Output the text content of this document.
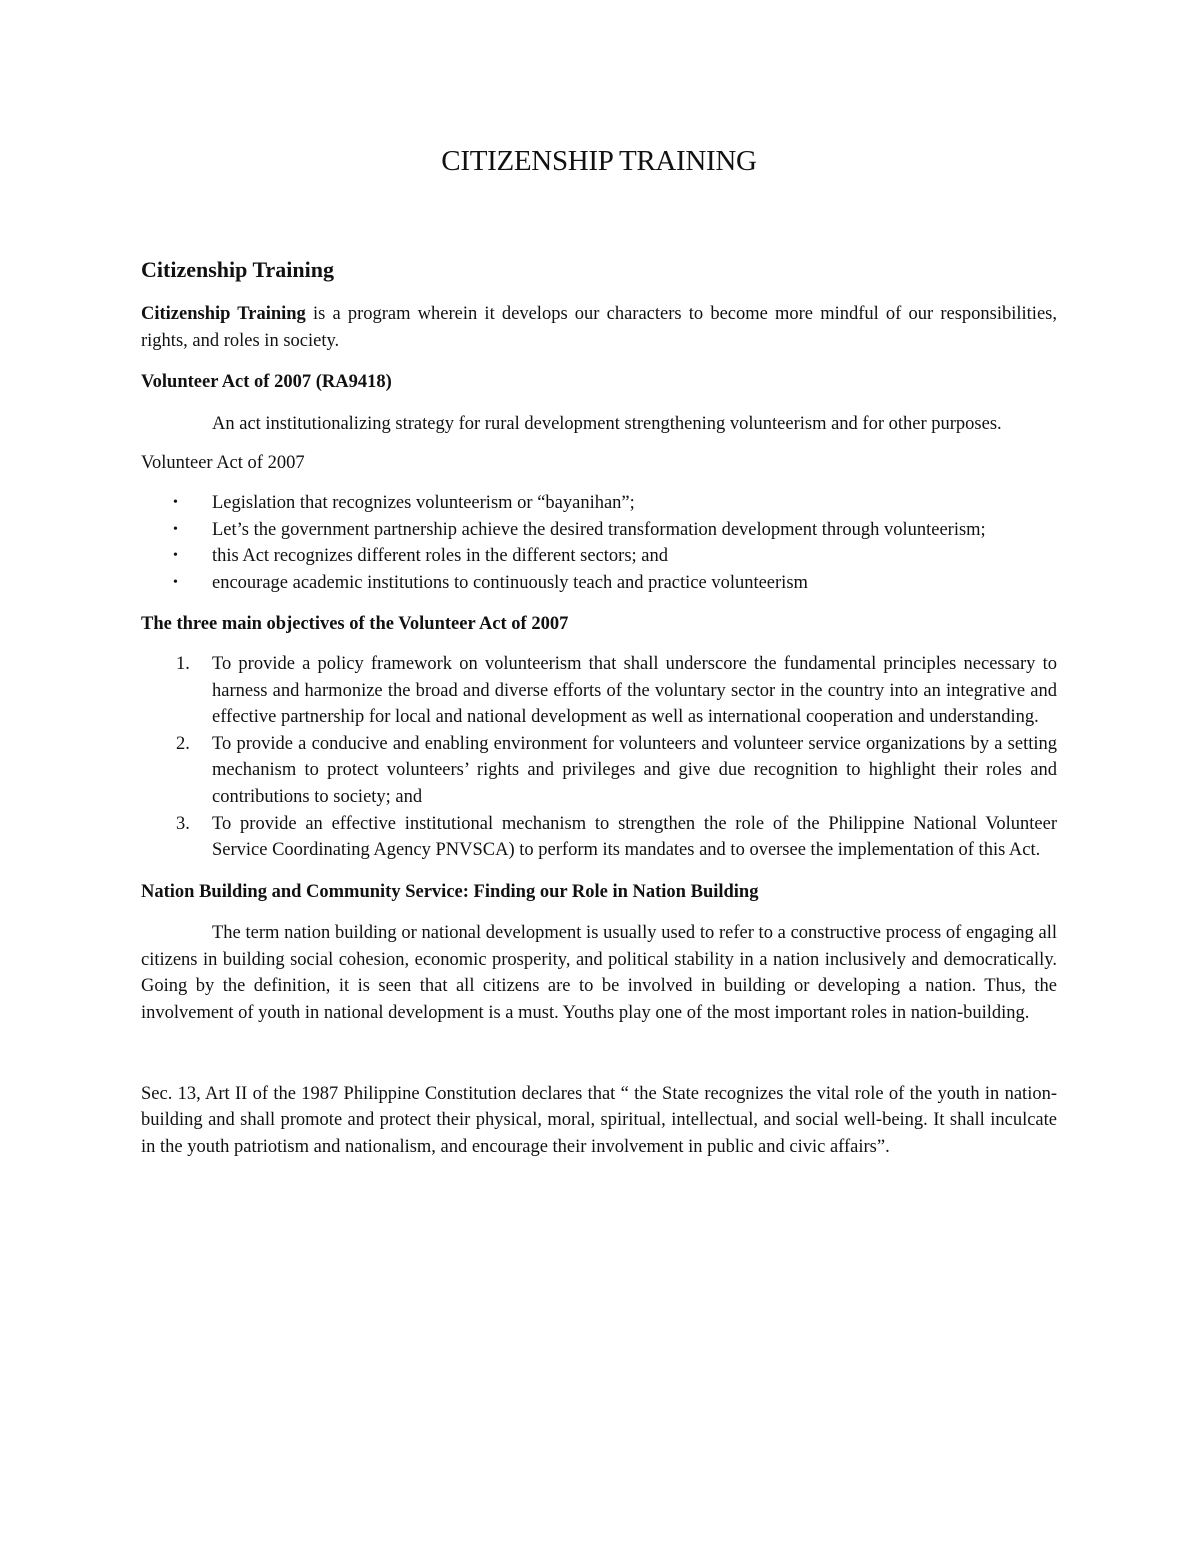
CITIZENSHIP TRAINING
Citizenship Training

Citizenship Training is a program wherein it develops our characters to become more mindful of our responsibilities, rights, and roles in society.

Volunteer Act of 2007 (RA9418)

An act institutionalizing strategy for rural development strengthening volunteerism and for other purposes.

Volunteer Act of 2007

• Legislation that recognizes volunteerism or “bayanihan”;
• Let’s the government partnership achieve the desired transformation development through volunteerism;
• this Act recognizes different roles in the different sectors; and
• encourage academic institutions to continuously teach and practice volunteerism

The three main objectives of the Volunteer Act of 2007

1. To provide a policy framework on volunteerism that shall underscore the fundamental principles necessary to harness and harmonize the broad and diverse efforts of the voluntary sector in the country into an integrative and effective partnership for local and national development as well as international cooperation and understanding.
2. To provide a conducive and enabling environment for volunteers and volunteer service organizations by a setting mechanism to protect volunteers’ rights and privileges and give due recognition to highlight their roles and contributions to society; and
3. To provide an effective institutional mechanism to strengthen the role of the Philippine National Volunteer Service Coordinating Agency PNVSCA) to perform its mandates and to oversee the implementation of this Act.

Nation Building and Community Service: Finding our Role in Nation Building

The term nation building or national development is usually used to refer to a constructive process of engaging all citizens in building social cohesion, economic prosperity, and political stability in a nation inclusively and democratically. Going by the definition, it is seen that all citizens are to be involved in building or developing a nation. Thus, the involvement of youth in national development is a must. Youths play one of the most important roles in nation-building.

Sec. 13, Art II of the 1987 Philippine Constitution declares that “ the State recognizes the vital role of the youth in nation-building and shall promote and protect their physical, moral, spiritual, intellectual, and social well-being. It shall inculcate in the youth patriotism and nationalism, and encourage their involvement in public and civic affairs”.
